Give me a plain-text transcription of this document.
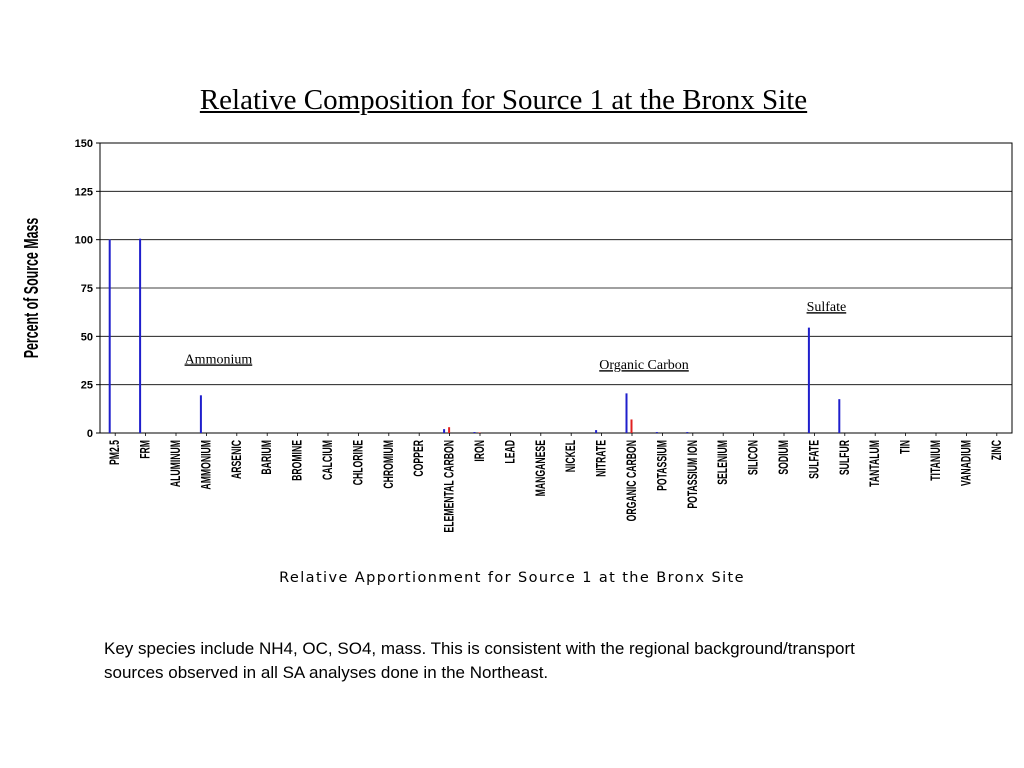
Relative Composition for Source 1 at the Bronx Site
0
25
50
75
100
125
150
PM2.5 FRM ALUMINUM AMMONIUM ARSENIC BARIUM BROMINE CALCIUM CHLORINE CHROMIUM COPPER ELEMENTAL CARBON IRON LEAD MANGANESE NICKEL NITRATE ORGANIC CARBON POTASSIUM POTASSIUM ION SELENIUM SILICON SODIUM SULFATE SULFUR TANTALUM TIN TITANIUM VANADIUM ZINC
Ammonium	Organic Carbon
Sulfate
Percent of Source Mass
Relative Apportionment for Source 1 at the Bronx Site
Key species include NH4, OC, SO4, mass. This is consistent with the regional background/transport sources observed in all SA analyses done in the Northeast.
